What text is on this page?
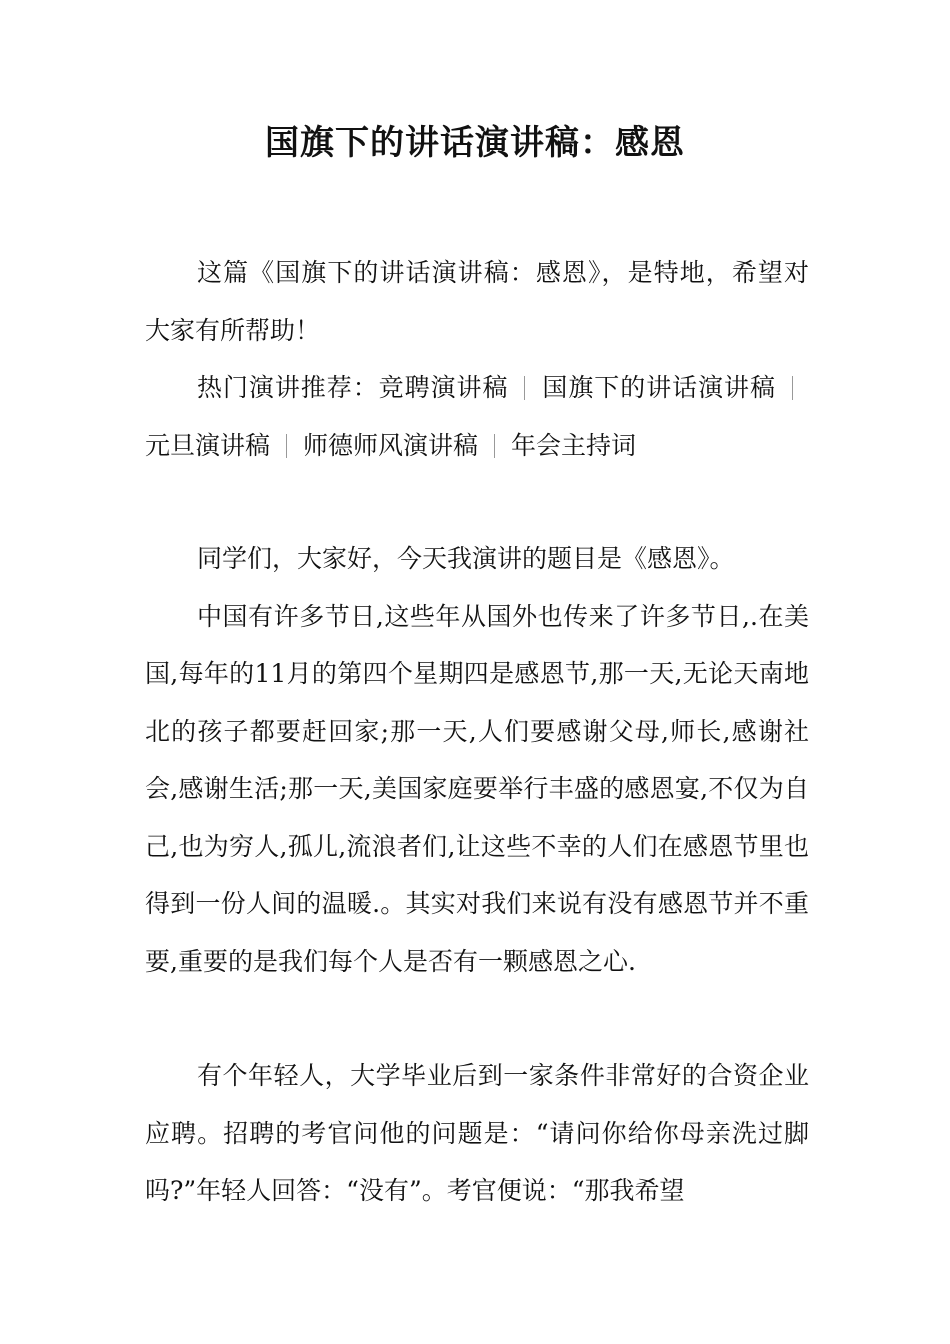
国旗下的讲话演讲稿：感恩

这篇《国旗下的讲话演讲稿：感恩》，是特地，希望对大家有所帮助！

热门演讲推荐：竞聘演讲稿 国旗下的讲话演讲稿元旦演讲稿 师德师风演讲稿 年会主持词

同学们，大家好，今天我演讲的题目是《感恩》。

中国有许多节日,这些年从国外也传来了许多节日,.在美国,每年的11月的第四个星期四是感恩节,那一天,无论天南地北的孩子都要赶回家;那一天,人们要感谢父母,师长,感谢社会,感谢生活;那一天,美国家庭要举行丰盛的感恩宴,不仅为自己,也为穷人,孤儿,流浪者们,让这些不幸的人们在感恩节里也得到一份人间的温暖.。其实对我们来说有没有感恩节并不重要,重要的是我们每个人是否有一颗感恩之心.

有个年轻人，大学毕业后到一家条件非常好的合资企业应聘。招聘的考官问他的问题是：“请问你给你母亲洗过脚吗?”年轻人回答：“没有”。考官便说：“那我希望
